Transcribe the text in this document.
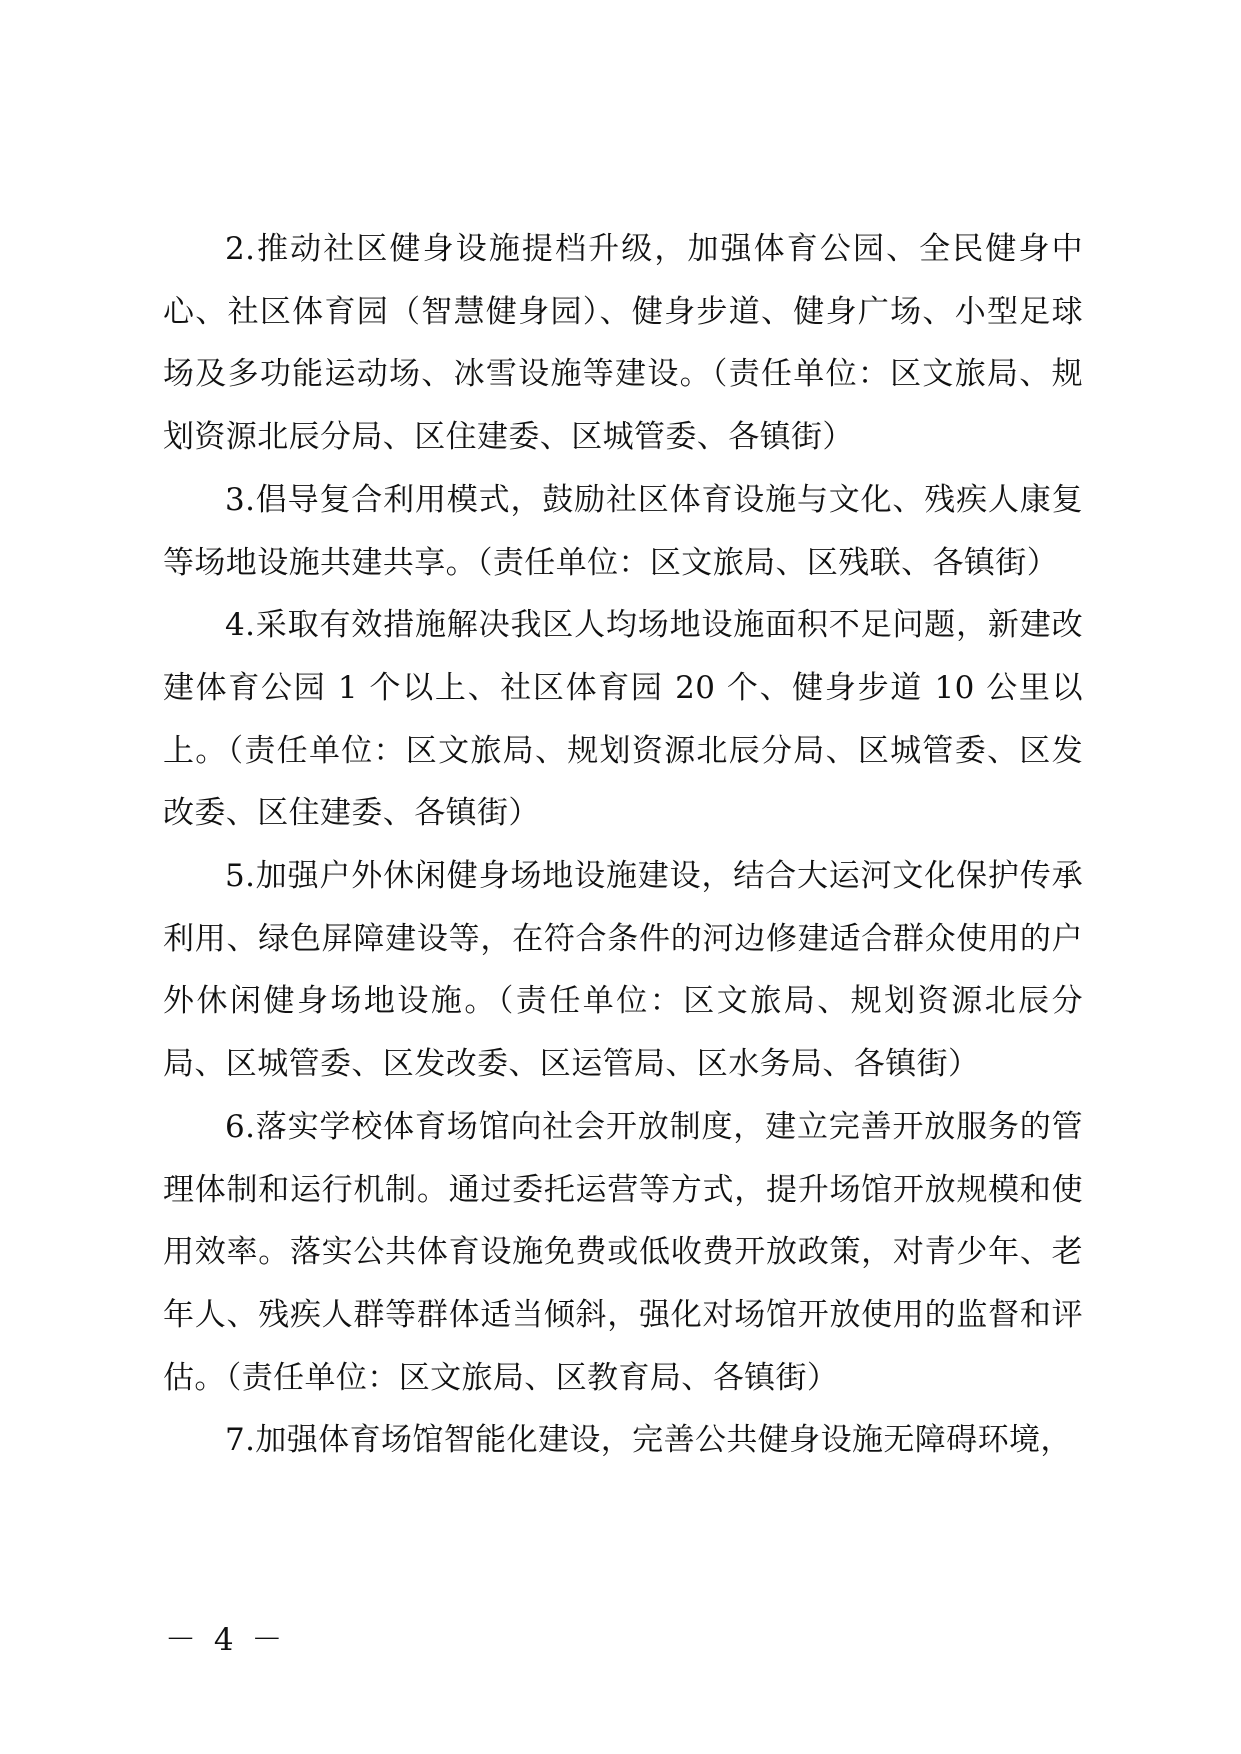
2.推动社区健身设施提档升级，加强体育公园、全民健身中心、社区体育园（智慧健身园）、健身步道、健身广场、小型足球场及多功能运动场、冰雪设施等建设。（责任单位：区文旅局、规划资源北辰分局、区住建委、区城管委、各镇街）

3.倡导复合利用模式，鼓励社区体育设施与文化、残疾人康复等场地设施共建共享。（责任单位：区文旅局、区残联、各镇街）

4.采取有效措施解决我区人均场地设施面积不足问题，新建改建体育公园 1 个以上、社区体育园 20 个、健身步道 10 公里以上。（责任单位：区文旅局、规划资源北辰分局、区城管委、区发改委、区住建委、各镇街）

5.加强户外休闲健身场地设施建设，结合大运河文化保护传承利用、绿色屏障建设等，在符合条件的河边修建适合群众使用的户外休闲健身场地设施。（责任单位：区文旅局、规划资源北辰分局、区城管委、区发改委、区运管局、区水务局、各镇街）

6.落实学校体育场馆向社会开放制度，建立完善开放服务的管理体制和运行机制。通过委托运营等方式，提升场馆开放规模和使用效率。落实公共体育设施免费或低收费开放政策，对青少年、老年人、残疾人群等群体适当倾斜，强化对场馆开放使用的监督和评估。（责任单位：区文旅局、区教育局、各镇街）

7.加强体育场馆智能化建设，完善公共健身设施无障碍环境，

－ 4 －
